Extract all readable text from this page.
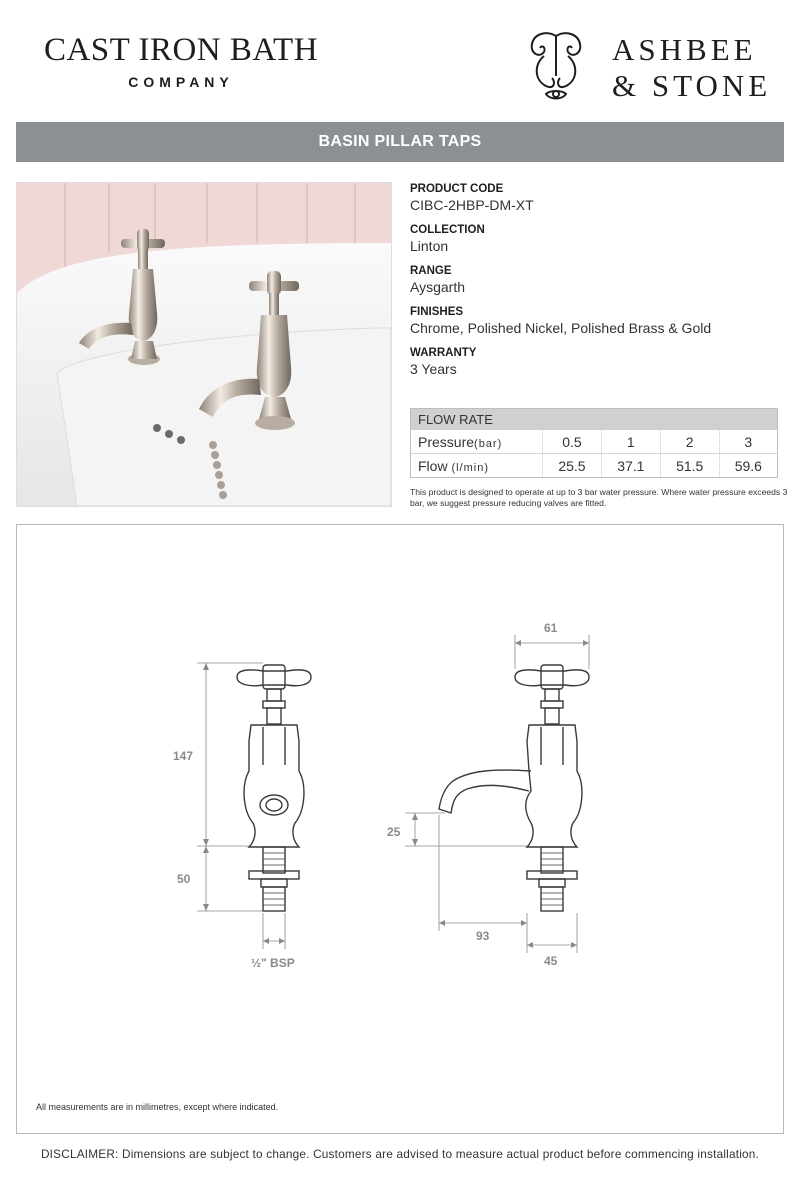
CAST IRON BATH
COMPANY
ASHBEE
& STONE
BASIN PILLAR TAPS
PRODUCT CODE
CIBC-2HBP-DM-XT
COLLECTION
Linton
RANGE
Aysgarth
FINISHES
Chrome, Polished Nickel, Polished Brass & Gold
WARRANTY
3 Years
FLOW RATE
Pressure(bar)	0.5	1	2	3
Flow (l/min)	25.5	37.1	51.5	59.6
This product is designed to operate at up to 3 bar water pressure. Where water pressure exceeds 3 bar, we suggest pressure reducing valves are fitted.
147
50
½" BSP
61
25
93
45
All measurements are in millimetres, except where indicated.
DISCLAIMER: Dimensions are subject to change. Customers are advised to measure actual product before commencing installation.
